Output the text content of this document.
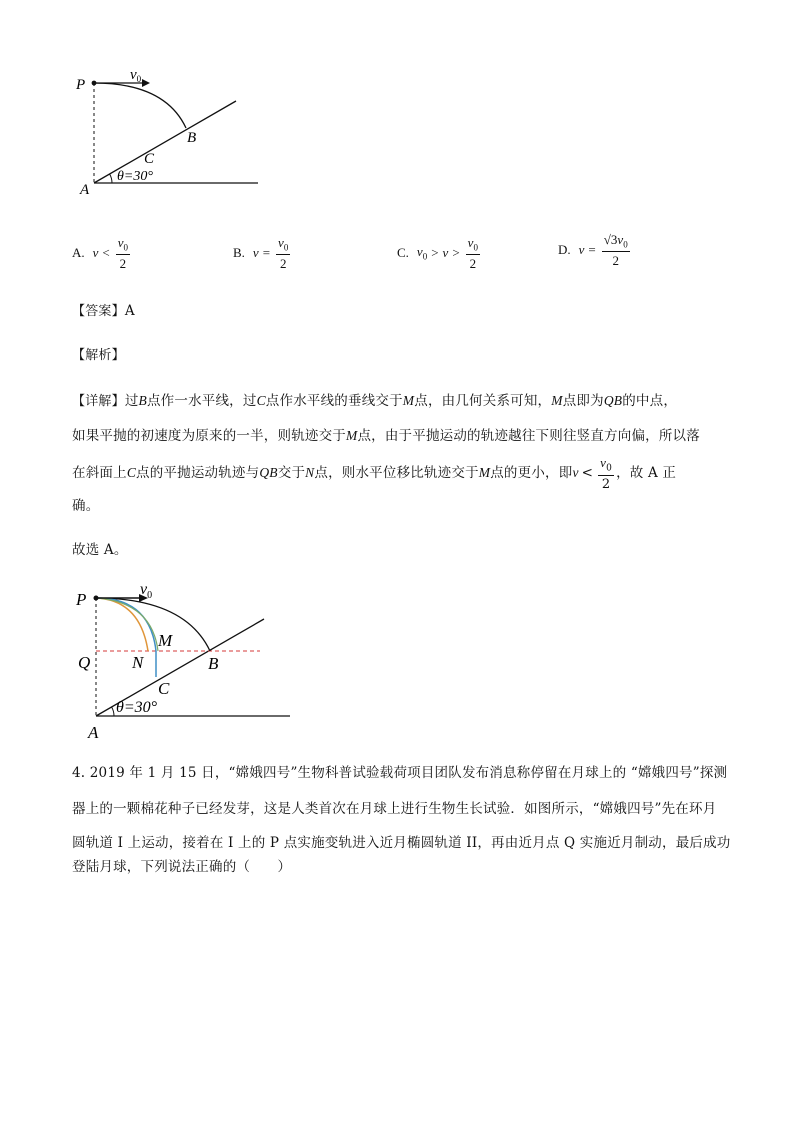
P
$v_0$
B
C
A
θ=30°
A. $v < \frac{v_0}{2}$	B. $v = \frac{v_0}{2}$	C. $v_0 > v > \frac{v_0}{2}$	D. $v = \frac{√3v_0}{2}$
【答案】A
【解析】
【详解】过B点作一水平线，过C点作水平线的垂线交于M点，由几何关系可知，M点即为QB的中点，
如果平抛的初速度为原来的一半，则轨迹交于M点，由于平抛运动的轨迹越往下则往竖直方向偏，所以落
在斜面上 C 点的平抛运动轨迹与 QB 交于 N 点，则水平位移比轨迹交于 M 点的更小，即 $v < \frac{v_0}{2}$ ，故 A 正
确。
故选 A。
P
$v_0$
Q
M
N	B
C
A
θ=30°
4. 2019 年 1 月 15 日，“嫦娥四号”生物科普试验载荷项目团队发布消息称停留在月球上的 “嫦娥四号”探测
器上的一颗棉花种子已经发芽，这是人类首次在月球上进行生物生长试验．如图所示，“嫦娥四号”先在环月
圆轨道 I 上运动，接着在 I 上的 P 点实施变轨进入近月椭圆轨道 II，再由近月点 Q 实施近月制动，最后成功
登陆月球，下列说法正确的（　　）
